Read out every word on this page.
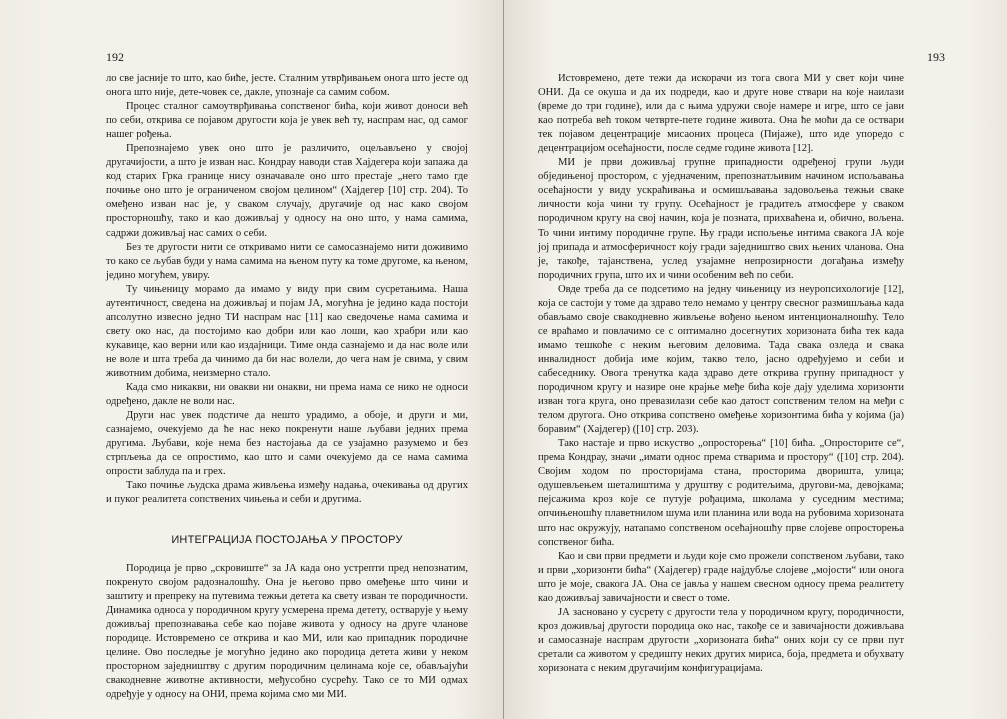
192

ло све јасније то што, као биће, јесте. Сталним утврђивањем онога што јесте од онога што није, дете-човек се, дакле, упознаје са самим собом.

Процес сталног самоутврђивања сопственог бића, који живот доноси већ по себи, открива се појавом другости која је увек већ ту, наспрам нас, од самог нашег рођења.

Препознајемо увек оно што је различито, оцељављено у својој другачијости, а што је изван нас. Кондрау наводи став Хајдегера који запажа да код старих Грка границе нису означавале оно што престаје „него тамо где почиње оно што је ограниченом својом целином“ (Хајдегер [10] стр. 204). То омеђено изван нас је, у сваком случају, другачије од нас како својом просторношћу, тако и као доживљај у односу на оно што, у нама самима, садржи доживљај нас самих о себи.

Без те другости нити се откривамо нити се самосазнајемо нити доживимо то како се љубав буди у нама самима на њеном путу ка томе другоме, ка њеном, једино могућем, увиру.

Ту чињеницу морамо да имамо у виду при свим сусретањима. Наша аутентичност, сведена на доживљај и појам ЈА, могућна је једино када постоји апсолутно извесно једно ТИ наспрам нас [11] као сведочење нама самима и свету око нас, да постојимо као добри или као лоши, као храбри или као кукавице, као верни или као издајници. Тиме онда сазнајемо и да нас воле или не воле и шта треба да чинимо да би нас волели, до чега нам је свима, у свим животним добима, неизмерно стало.

Када смо никакви, ни овакви ни онакви, ни према нама се нико не односи одређено, дакле не воли нас.

Други нас увек подстиче да нешто урадимо, а обоје, и други и ми, сазнајемо, очекујемо да ће нас неко покренути наше љубави једних према другима. Љубави, које нема без настојања да се узајамно разумемо и без стрпљења да се опростимо, као што и сами очекујемо да се нама самима опрости заблуда па и грех.

Тако почиње људска драма живљења између надања, очекивања од других и пуког реалитета сопствених чињења и себи и другима.

ИНТЕГРАЦИЈА ПОСТОЈАЊА У ПРОСТОРУ

Породица је прво „скровиште“ за ЈА када оно устрепти пред непознатим, покренуто својом радозналошћу. Она је његово прво омеђење што чини и заштиту и препреку на путевима тежњи детета ка свету изван те породичности. Динамика односа у породичном кругу усмерена према детету, остварује у њему доживљај препознавања себе као појаве живота у односу на друге чланове породице. Истовремено се открива и као МИ, или као припадник породичне целине. Ово последње је могућно једино ако породица детета живи у неком просторном заједништву с другим породичним целинама које се, обављајући свакодневне животне активности, међусобно сусрећу. Тако се то МИ одмах одређује у односу на ОНИ, према којима смо ми МИ.

193

Истовремено, дете тежи да искорачи из тога свога МИ у свет који чине ОНИ. Да се окуша и да их подреди, као и друге нове ствари на које наилази (време до три године), или да с њима удружи своје намере и игре, што се јави као потреба већ током четврте-пете године живота. Она ће моћи да се оствари тек појавом децентрације мисаоних процеса (Пијаже), што иде упоредо с децентрацијом осећајности, после седме године живота [12].

МИ је први доживљај групне припадности одређеној групи људи обједињеној простором, с уједначеним, препознатљивим начином испољавања осећајности у виду ускраћивања и осмишљавања задовољења тежњи сваке личности која чини ту групу. Осећајност је градитељ атмосфере у сваком породичном кругу на свој начин, која је позната, прихваћена и, обично, вољена. То чини интиму породичне групе. Њу гради испољење интима свакога ЈА које јој припада и атмосферичност коју гради заједништво свих њених чланова. Она је, такође, тајанствена, услед узајамне непрозирности догађања између породичних група, што их и чини особеним већ по себи.

Овде треба да се подсетимо на једну чињеницу из неуропсихологије [12], која се састоји у томе да здраво тело немамо у центру свесног размишљања када обављамо своје свакодневно живљење вођено њеном интенционалношћу. Тело се враћамо и повлачимо се с оптимално досегнутих хоризоната бића тек када имамо тешкоће с неким његовим деловима. Тада свака озледа и свака инвалидност добија име којим, такво тело, јасно одређујемо и себи и сабеседнику. Овога тренутка када здраво дете открива групну припадност у породичном кругу и назире оне крајње међе бића које дају уделима хоризонти изван тога круга, оно превазилази себе као датост сопственим телом на међи с телом другога. Оно открива сопствено омеђење хоризонтима бића у којима (ја) боравим“ (Хајдегер) ([10] стр. 203).

Тако настаје и прво искуство „опросторења“ [10] бића. „Опросторите се“, према Кондрау, значи „имати однос према стварима и простору“ ([10] стр. 204). Својим ходом по просторијама стана, просторима дворишта, улица; одушевљењем шеталиштима у друштву с родитељима, другови-ма, девојкама; пејсажима кроз које се путује рођацима, школама у суседним местима; опчињеношћу плаветнилом шума или планина или вода на рубовима хоризоната што нас окружују, натапамо сопственом осећајношћу прве слојеве опросторења сопственог бића.

Као и сви први предмети и људи које смо прожели сопственом љубави, тако и први „хоризонти бића“ (Хајдегер) граде најдубље слојеве „мојости“ или онога што је моје, свакога ЈА. Она се јавља у нашем свесном односу према реалитету као доживљај завичајности и свест о томе.

ЈА засновано у сусрету с другости тела у породичном кругу, породичности, кроз доживљај другости породица око нас, такође се и завичајности доживљава и самосазнаје наспрам другости „хоризоната бића“ оних који су се први пут сретали са животом у средишту неких других мириса, боја, предмета и обухвату хоризоната с неким другачијим конфигурацијама.
